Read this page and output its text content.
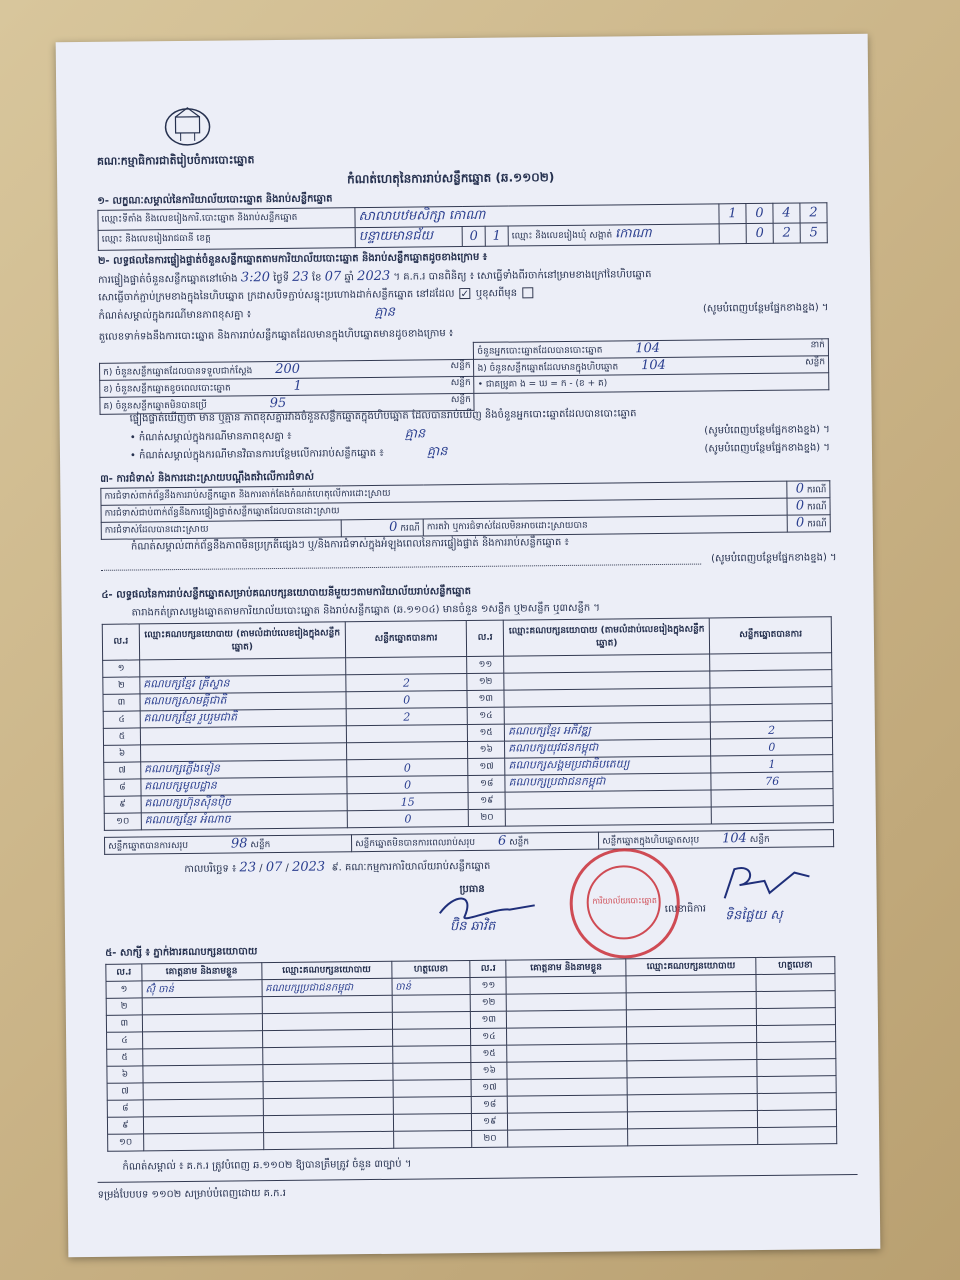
គណៈកម្មាធិការជាតិរៀបចំការបោះឆ្នោត
កំណត់ហេតុនៃការរាប់សន្លឹកឆ្នោត (ឆ.១១០២)
១- លក្ខណៈសម្គាល់នៃការិយាល័យបោះឆ្នោត និងរាប់សន្លឹកឆ្នោត
ឈ្មោះទីតាំង និងលេខរៀងការិ.បោះឆ្នោត និងរាប់សន្លឹកឆ្នោត	សាលាបឋមសិក្សា កោណា				1	0	4	2
ឈ្មោះ និងលេខរៀងរាជធានី ខេត្ត	បន្ទាយមានជ័យ	0	1	ឈ្មោះ និងលេខរៀងឃុំ សង្កាត់ កោណា		0	2	5
២- លទ្ធផលនៃការផ្ទៀងផ្ទាត់ចំនួនសន្លឹកឆ្នោតតាមការិយាល័យបោះឆ្នោត និងរាប់សន្លឹកឆ្នោតដូចខាងក្រោម ៖
ការផ្ទៀងផ្ទាត់ចំនួនសន្លឹកឆ្នោតនៅម៉ោង 3:20 ថ្ងៃទី 23 ខែ 07 ឆ្នាំ 2023 ។ គ.ក.រ បានពិនិត្យ ៖ សោធ្លើទាំងពីរចាក់នៅម្រាមខាងក្រៅនៃហិបឆ្នោត
សោធ្លើចាក់ភ្ជាប់ក្រមខាងក្នុងនៃហិបឆ្នោត ក្រដាសបិទភ្ជាប់សន្ទុះប្រហោងដាក់សន្លឹកឆ្នោត នៅដដែល ✓ ឬខុសពីមុន
កំណត់សម្គាល់ក្នុងករណីមានភាពខុសគ្នា ៖	គ្មាន	(សូមបំពេញបន្ថែមផ្នែកខាងខ្នង) ។
តួលេខទាក់ទងនឹងការបោះឆ្នោត និងការរាប់សន្លឹកឆ្នោតដែលមានក្នុងហិបឆ្នោតមានដូចខាងក្រោម ៖
	ចំនួនអ្នកបោះឆ្នោតដែលបានបោះឆ្នោត 104 នាក់

ក) ចំនួនសន្លឹកឆ្នោតដែលបានទទួលជាក់ស្តែង 200 សន្លឹក	ង) ចំនួនសន្លឹកឆ្នោតដែលមានក្នុងហិបឆ្នោត 104 សន្លឹក

ខ) ចំនួនសន្លឹកឆ្នោតខូចពេលបោះឆ្នោត 1 សន្លឹក	• ជាគម្រូគា ង = ឃ = ក - (ខ + គ)
គ) ចំនួនសន្លឹកឆ្នោតមិនបានប្រើ 95 សន្លឹក	

ផ្ទៀងផ្ទាត់ឃើញថា មាន ឬគ្មាន ភាពខុសគ្នារវាងចំនួនសន្លឹកឆ្នោតក្នុងហិបឆ្នោត ដែលបានរាប់ឃើញ និងចំនួនអ្នកបោះឆ្នោតដែលបានបោះឆ្នោត
• កំណត់សម្គាល់ក្នុងករណីមានភាពខុសគ្នា ៖	គ្មាន	(សូមបំពេញបន្ថែមផ្នែកខាងខ្នង) ។
• កំណត់សម្គាល់ក្នុងករណីមានវិធានការបន្ថែមលើការរាប់សន្លឹកឆ្នោត ៖	គ្មាន	(សូមបំពេញបន្ថែមផ្នែកខាងខ្នង) ។
៣- ការជំទាស់ និងការដោះស្រាយបណ្តឹងតវ៉ាលើការជំទាស់
ការជំទាស់ពាក់ព័ន្ធនឹងការរាប់សន្លឹកឆ្នោត និងការតាក់តែងកំណត់ហេតុលើការដោះស្រាយ			0 ករណី
ការជំទាស់ជាប់ពាក់ព័ន្ធនឹងការផ្ទៀងផ្ទាត់សន្លឹកឆ្នោតដែលបានដោះស្រាយ			0 ករណី
ការជំទាស់ដែលបានដោះស្រាយ	0 ករណី	ការតវ៉ា ឬការជំទាស់ដែលមិនអាចដោះស្រាយបាន	0 ករណី
កំណត់សម្គាល់ពាក់ព័ន្ធនឹងភាពមិនប្រក្រតីផ្សេងៗ ឬ/និងការជំទាស់ក្នុងអំឡុងពេលនៃការផ្ទៀងផ្ទាត់ និងការរាប់សន្លឹកឆ្នោត ៖
(សូមបំពេញបន្ថែមផ្នែកខាងខ្នង) ។
៤- លទ្ធផលនៃការរាប់សន្លឹកឆ្នោតសម្រាប់គណបក្សនយោបាយនីមួយៗតាមការិយាល័យរាប់សន្លឹកឆ្នោត
តារាងកត់ត្រាសម្លេងឆ្នោតតាមការិយាល័យបោះឆ្នោត និងរាប់សន្លឹកឆ្នោត (ឆ.១១០៤) មានចំនួន ១សន្លឹក ឬ២សន្លឹក ឬ៣សន្លឹក ។
ល.រ	ឈ្មោះគណបក្សនយោបាយ (តាមលំដាប់លេខរៀងក្នុងសន្លឹកឆ្នោត)	សន្លឹកឆ្នោតបានការ	ល.រ	ឈ្មោះគណបក្សនយោបាយ (តាមលំដាប់លេខរៀងក្នុងសន្លឹកឆ្នោត)	សន្លឹកឆ្នោតបានការ
១			១១		
២	គណបក្សខ្មែរ គ្រីស្ទាន	2	១២		
៣	គណបក្សសាមគ្គីជាតិ	0	១៣		
៤	គណបក្សខ្មែរ រួបរួមជាតិ	2	១៤		
៥			១៥	គណបក្សខ្មែរ អភិវឌ្ឍ	2
៦			១៦	គណបក្សយុវជនកម្ពុជា	0
៧	គណបក្សភ្លើងទៀន	0	១៧	គណបក្សសង្គមប្រជាធិបតេយ្យ	1
៨	គណបក្សមូលដ្ឋាន	0	១៨	គណបក្សប្រជាជនកម្ពុជា	76
៩	គណបក្សហ៊ុនស៊ីនប៉ិច	15	១៩		
១០	គណបក្សខ្មែរ អំណាច	0	២០		
សន្លឹកឆ្នោតបានការសរុប	98 សន្លឹក	សន្លឹកឆ្នោតមិនបានការពេលរាប់សរុប 6 សន្លឹក	សន្លឹកឆ្នោតក្នុងហិបឆ្នោតសរុប 104 សន្លឹក
កាលបរិច្ឆេទ ៖ 23 / 07 / 2023 ៩. គណៈកម្មការការិយាល័យរាប់សន្លឹកឆ្នោត
ប្រធាន
លេខាធិការ
ប៊ិន ឆាវិត
ទិនផ្លៃយ សុ
ការិយាល័យបោះឆ្នោត
៥- សាក្សី ៖ ភ្នាក់ងារគណបក្សនយោបាយ
ល.រ	គោត្តនាម និងនាមខ្លួន	ឈ្មោះគណបក្សនយោបាយ	ហត្ថលេខា	ល.រ	គោត្តនាម និងនាមខ្លួន	ឈ្មោះគណបក្សនយោបាយ	ហត្ថលេខា
១	ស៊ុំ ចាន់	គណបក្សប្រជាជនកម្ពុជា	ចាន់	១១			
២				១២			
៣				១៣			
៤				១៤			
៥				១៥			
៦				១៦			
៧				១៧			
៨				១៨			
៩				១៩			
១០				២០			
កំណត់សម្គាល់ ៖ គ.ក.រ ត្រូវបំពេញ ឆ.១១០២ ឱ្យបានត្រឹមត្រូវ ចំនួន ៣ច្បាប់ ។
ទម្រង់បែបបទ ១១០២ សម្រាប់បំពេញដោយ គ.ក.រ
